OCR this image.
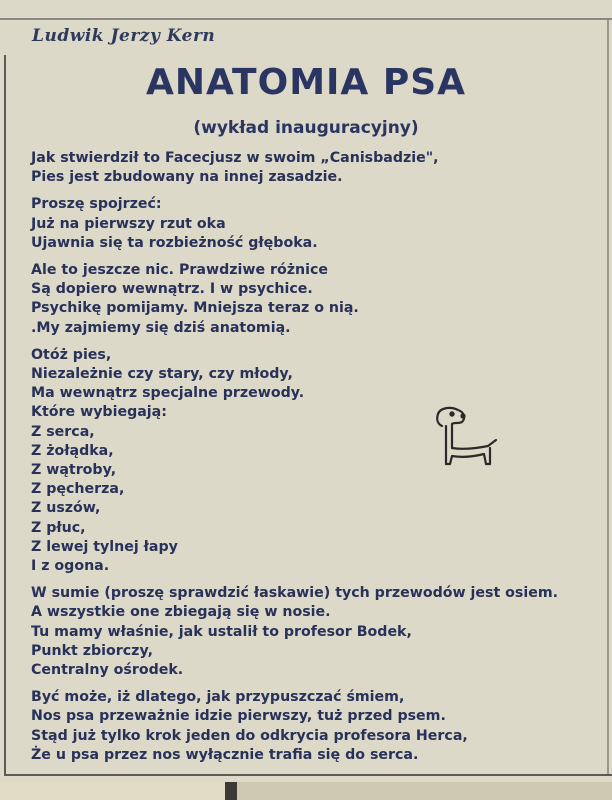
Ludwik Jerzy Kern
ANATOMIA PSA
(wykład inauguracyjny)
Jak stwierdził to Facecjusz w swoim „Canisbadzie",
Pies jest zbudowany na innej zasadzie.
Proszę spojrzeć:
Już na pierwszy rzut oka
Ujawnia się ta rozbieżność głęboka.
Ale to jeszcze nic. Prawdziwe różnice
Są dopiero wewnątrz. I w psychice.
Psychikę pomijamy. Mniejsza teraz o nią.
.My zajmiemy się dziś anatomią.
Otóż pies,
Niezależnie czy stary, czy młody,
Ma wewnątrz specjalne przewody.
Które wybiegają:
Z serca,
Z żołądka,
Z wątroby,
Z pęcherza,
Z uszów,
Z płuc,
Z lewej tylnej łapy
I z ogona.
W sumie (proszę sprawdzić łaskawie) tych przewodów jest osiem.
A wszystkie one zbiegają się w nosie.
Tu mamy właśnie, jak ustalił to profesor Bodek,
Punkt zbiorczy,
Centralny ośrodek.
Być może, iż dlatego, jak przypuszczać śmiem,
Nos psa przeważnie idzie pierwszy, tuż przed psem.
Stąd już tylko krok jeden do odkrycia profesora Herca,
Że u psa przez nos wyłącznie trafia się do serca.
